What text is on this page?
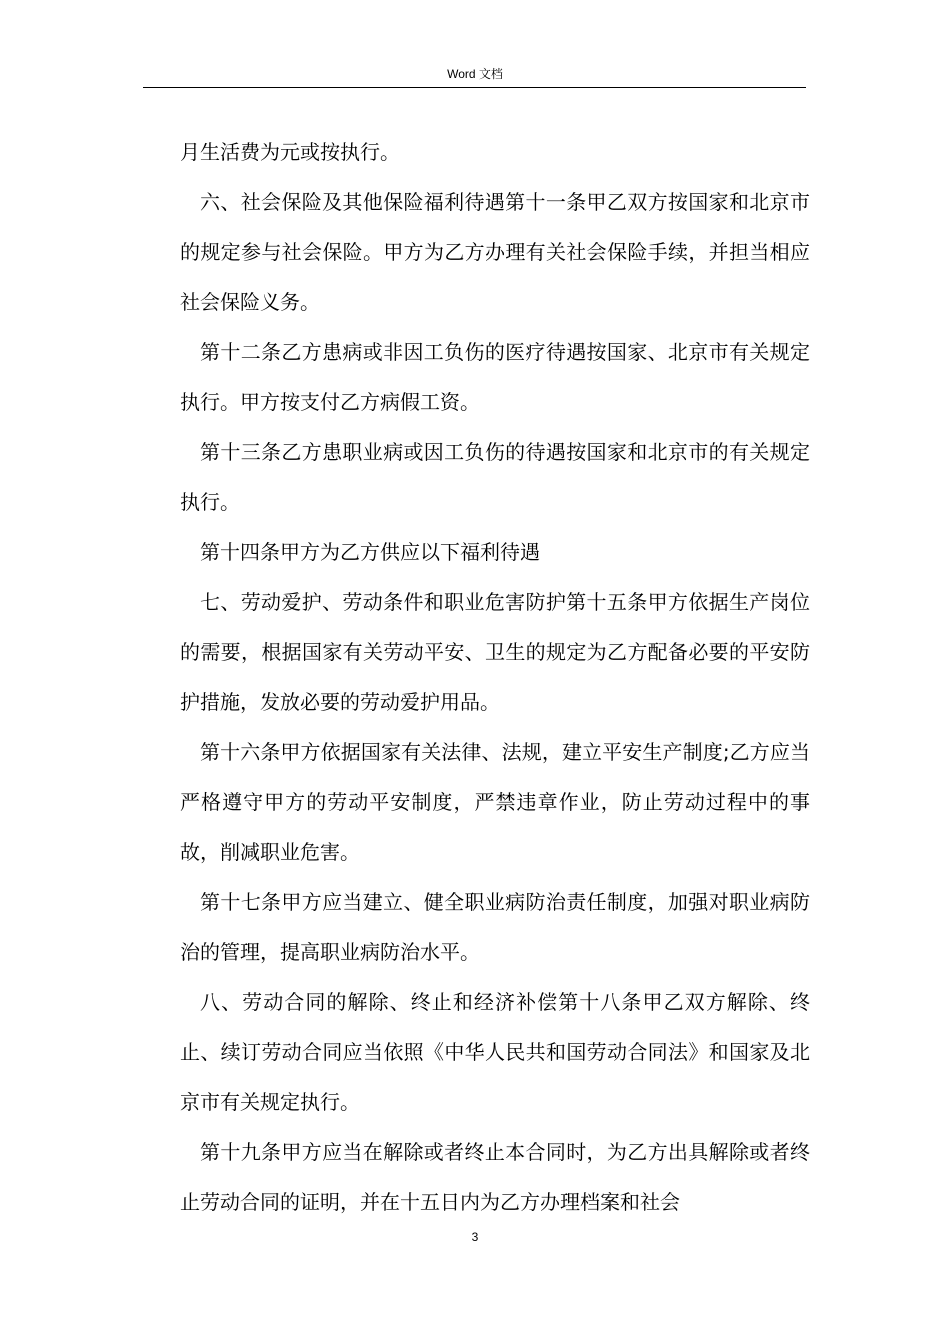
Word 文档

月生活费为元或按执行。

六、社会保险及其他保险福利待遇第十一条甲乙双方按国家和北京市的规定参与社会保险。甲方为乙方办理有关社会保险手续，并担当相应社会保险义务。

第十二条乙方患病或非因工负伤的医疗待遇按国家、北京市有关规定执行。甲方按支付乙方病假工资。

第十三条乙方患职业病或因工负伤的待遇按国家和北京市的有关规定执行。

第十四条甲方为乙方供应以下福利待遇

七、劳动爱护、劳动条件和职业危害防护第十五条甲方依据生产岗位的需要，根据国家有关劳动平安、卫生的规定为乙方配备必要的平安防护措施，发放必要的劳动爱护用品。

第十六条甲方依据国家有关法律、法规，建立平安生产制度;乙方应当严格遵守甲方的劳动平安制度，严禁违章作业，防止劳动过程中的事故，削减职业危害。

第十七条甲方应当建立、健全职业病防治责任制度，加强对职业病防治的管理，提高职业病防治水平。

八、劳动合同的解除、终止和经济补偿第十八条甲乙双方解除、终止、续订劳动合同应当依照《中华人民共和国劳动合同法》和国家及北京市有关规定执行。

第十九条甲方应当在解除或者终止本合同时，为乙方出具解除或者终止劳动合同的证明，并在十五日内为乙方办理档案和社会

3
